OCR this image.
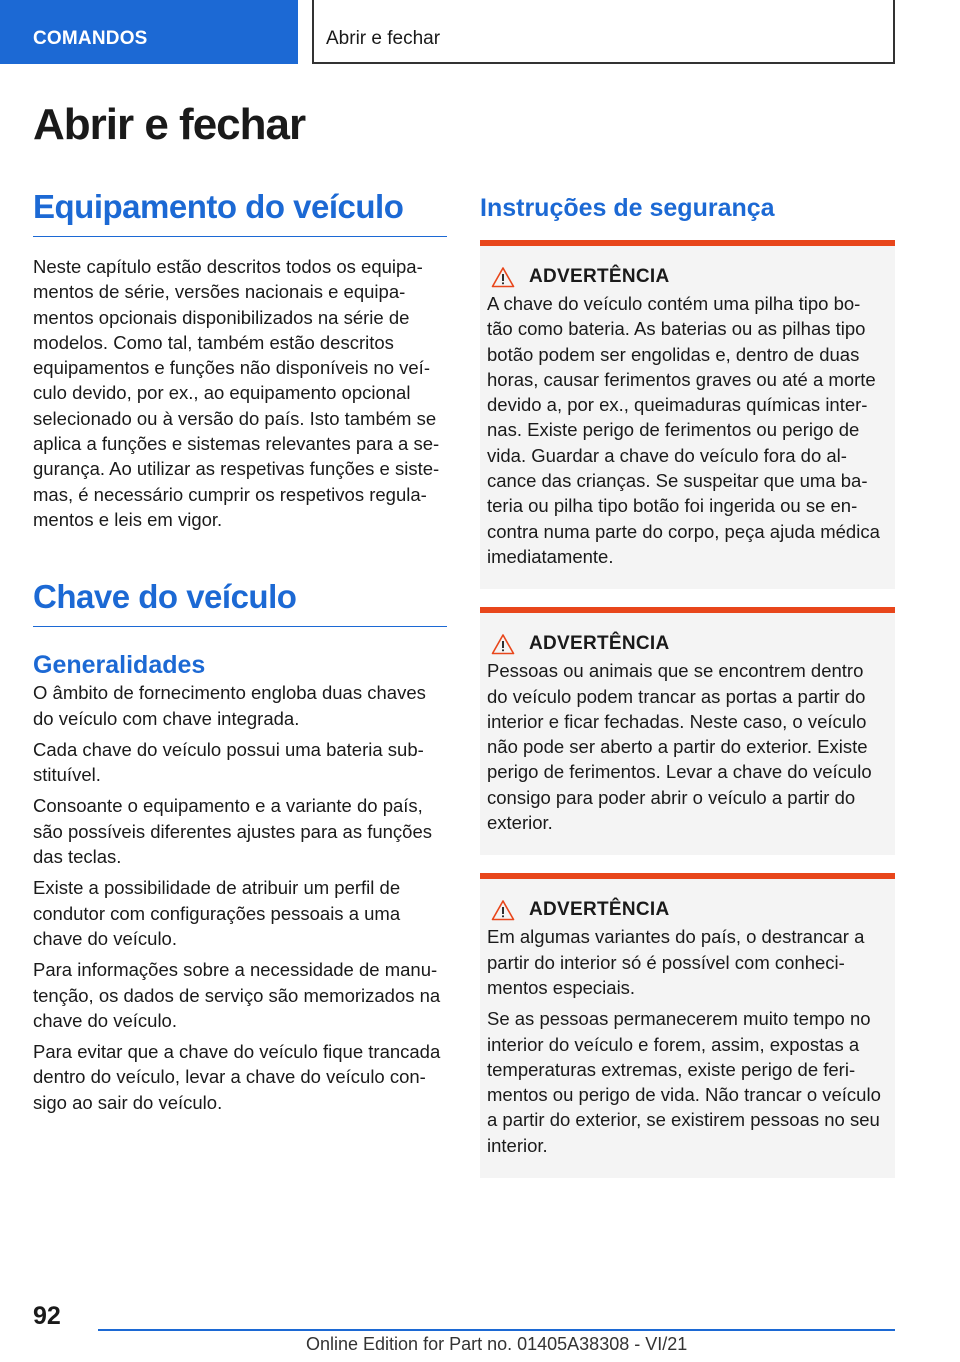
COMANDOS	Abrir e fechar
Abrir e fechar
Equipamento do veículo

Neste capítulo estão descritos todos os equipa‑ mentos de série, versões nacionais e equipa‑ mentos opcionais disponibilizados na série de modelos. Como tal, também estão descritos equipamentos e funções não disponíveis no veí‑ culo devido, por ex., ao equipamento opcional selecionado ou à versão do país. Isto também se aplica a funções e sistemas relevantes para a se‑ gurança. Ao utilizar as respetivas funções e siste‑ mas, é necessário cumprir os respetivos regula‑ mentos e leis em vigor.

Chave do veículo
Generalidades

O âmbito de fornecimento engloba duas chaves do veículo com chave integrada.

Cada chave do veículo possui uma bateria sub‑ stituível.

Consoante o equipamento e a variante do país, são possíveis diferentes ajustes para as funções das teclas.

Existe a possibilidade de atribuir um perfil de condutor com configurações pessoais a uma chave do veículo.

Para informações sobre a necessidade de manu‑ tenção, os dados de serviço são memorizados na chave do veículo.

Para evitar que a chave do veículo fique trancada dentro do veículo, levar a chave do veículo con‑ sigo ao sair do veículo.

Instruções de segurança
ADVERTÊNCIA

A chave do veículo contém uma pilha tipo bo‑ tão como bateria. As baterias ou as pilhas tipo botão podem ser engolidas e, dentro de duas horas, causar ferimentos graves ou até a morte devido a, por ex., queimaduras químicas inter‑ nas. Existe perigo de ferimentos ou perigo de vida. Guardar a chave do veículo fora do al‑ cance das crianças. Se suspeitar que uma ba‑ teria ou pilha tipo botão foi ingerida ou se en‑ contra numa parte do corpo, peça ajuda médica imediatamente.

ADVERTÊNCIA

Pessoas ou animais que se encontrem dentro do veículo podem trancar as portas a partir do interior e ficar fechadas. Neste caso, o veículo não pode ser aberto a partir do exterior. Existe perigo de ferimentos. Levar a chave do veículo consigo para poder abrir o veículo a partir do exterior.

ADVERTÊNCIA

Em algumas variantes do país, o destrancar a partir do interior só é possível com conheci‑ mentos especiais.

Se as pessoas permanecerem muito tempo no interior do veículo e forem, assim, expostas a temperaturas extremas, existe perigo de feri‑ mentos ou perigo de vida. Não trancar o veículo a partir do exterior, se existirem pessoas no seu interior.

92
Online Edition for Part no. 01405A38308 - VI/21
